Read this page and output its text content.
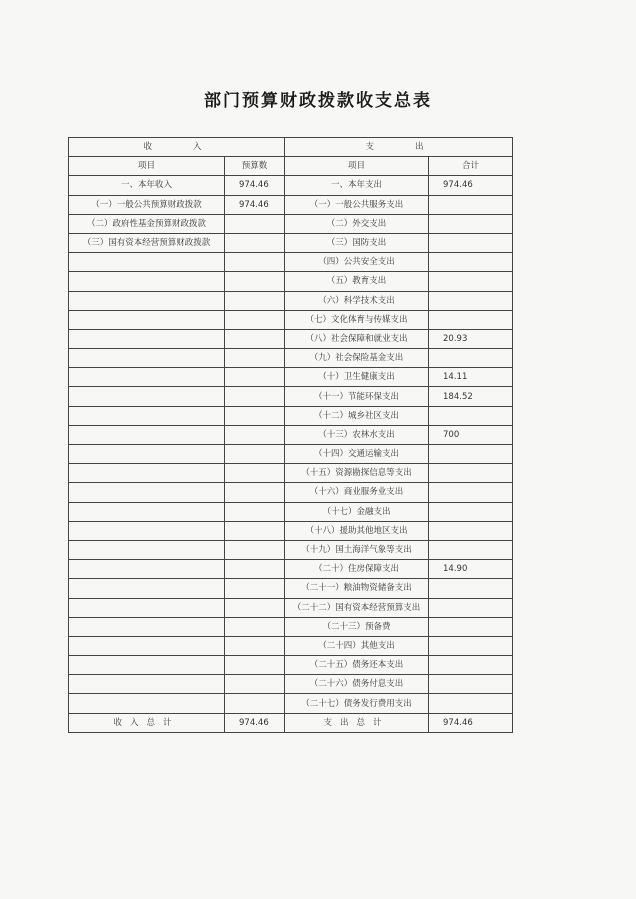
部门预算财政拨款收支总表
收　　入		支　　出	
项目	预算数	项目	合计
一、本年收入	974.46	一、本年支出	974.46
（一）一般公共预算财政拨款	974.46	（一）一般公共服务支出	
（二）政府性基金预算财政拨款		（二）外交支出	
（三）国有资本经营预算财政拨款		（三）国防支出	
		（四）公共安全支出	
		（五）教育支出	
		（六）科学技术支出	
		（七）文化体育与传媒支出	
		（八）社会保障和就业支出	20.93
		（九）社会保险基金支出	
		（十）卫生健康支出	14.11
		（十一）节能环保支出	184.52
		（十二）城乡社区支出	
		（十三）农林水支出	700
		（十四）交通运输支出	
		（十五）资源勘探信息等支出	
		（十六）商业服务业支出	
		（十七）金融支出	
		（十八）援助其他地区支出	
		（十九）国土海洋气象等支出	
		（二十）住房保障支出	14.90
		（二十一）粮油物资储备支出	
		（二十二）国有资本经营预算支出	
		（二十三）预备费	
		（二十四）其他支出	
		（二十五）债务还本支出	
		（二十六）债务付息支出	
		（二十七）债务发行费用支出	
收入总计	974.46	支出总计	974.46
